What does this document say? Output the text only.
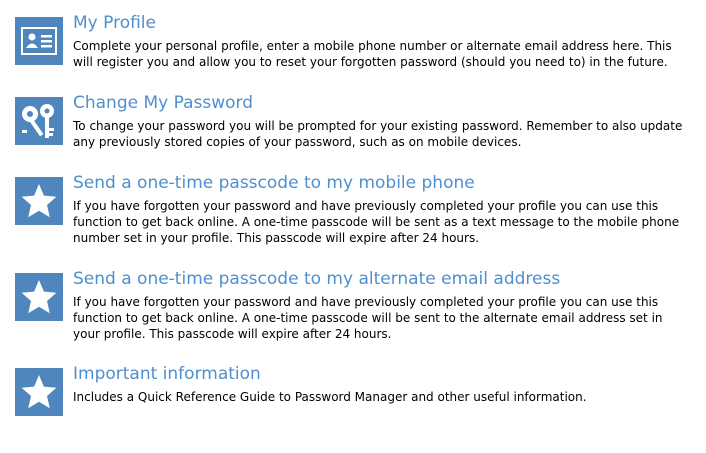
My Profile

Complete your personal profile, enter a mobile phone number or alternate email address here. This will register you and allow you to reset your forgotten password (should you need to) in the future.

Change My Password

To change your password you will be prompted for your existing password. Remember to also update any previously stored copies of your password, such as on mobile devices.

Send a one-time passcode to my mobile phone

If you have forgotten your password and have previously completed your profile you can use this function to get back online. A one-time passcode will be sent as a text message to the mobile phone number set in your profile. This passcode will expire after 24 hours.

Send a one-time passcode to my alternate email address

If you have forgotten your password and have previously completed your profile you can use this function to get back online. A one-time passcode will be sent to the alternate email address set in your profile. This passcode will expire after 24 hours.

Important information

Includes a Quick Reference Guide to Password Manager and other useful information.
